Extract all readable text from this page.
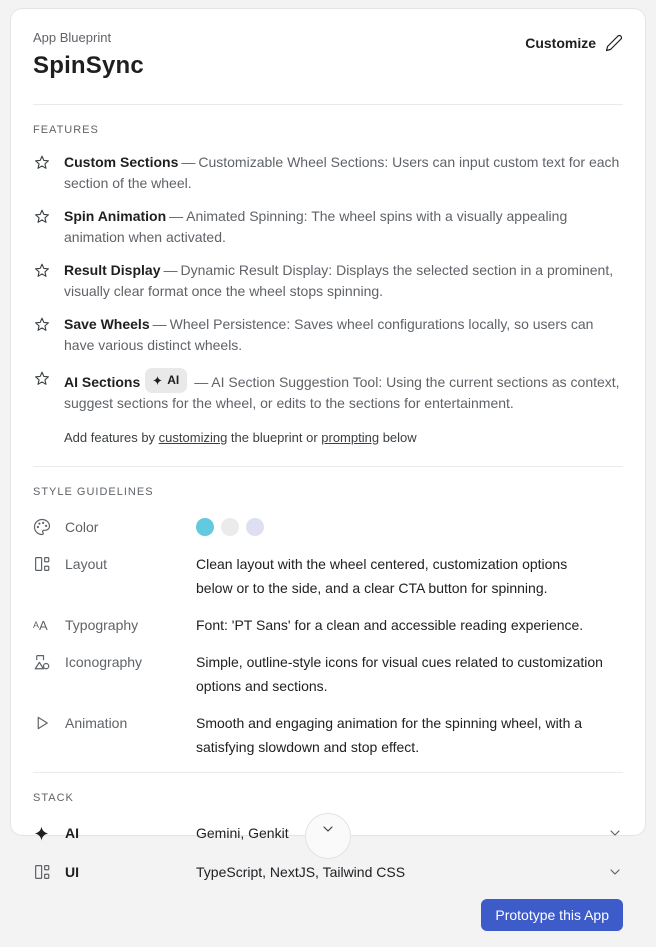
App Blueprint
SpinSync
Customize
FEATURES
Custom Sections — Customizable Wheel Sections: Users can input custom text for each section of the wheel.
Spin Animation — Animated Spinning: The wheel spins with a visually appealing animation when activated.
Result Display — Dynamic Result Display: Displays the selected section in a prominent, visually clear format once the wheel stops spinning.
Save Wheels — Wheel Persistence: Saves wheel configurations locally, so users can have various distinct wheels.
AI Sections AI — AI Section Suggestion Tool: Using the current sections as context, suggest sections for the wheel, or edits to the sections for entertainment.
Add features by customizing the blueprint or prompting below
STYLE GUIDELINES
Color
Layout	Clean layout with the wheel centered, customization options below or to the side, and a clear CTA button for spinning.
A A
Typography	Font: 'PT Sans' for a clean and accessible reading experience.
Iconography	Simple, outline-style icons for visual cues related to customization options and sections.
Animation	Smooth and engaging animation for the spinning wheel, with a satisfying slowdown and stop effect.
STACK
AI	Gemini, Genkit
UI	TypeScript, NextJS, Tailwind CSS
Prototype this App
